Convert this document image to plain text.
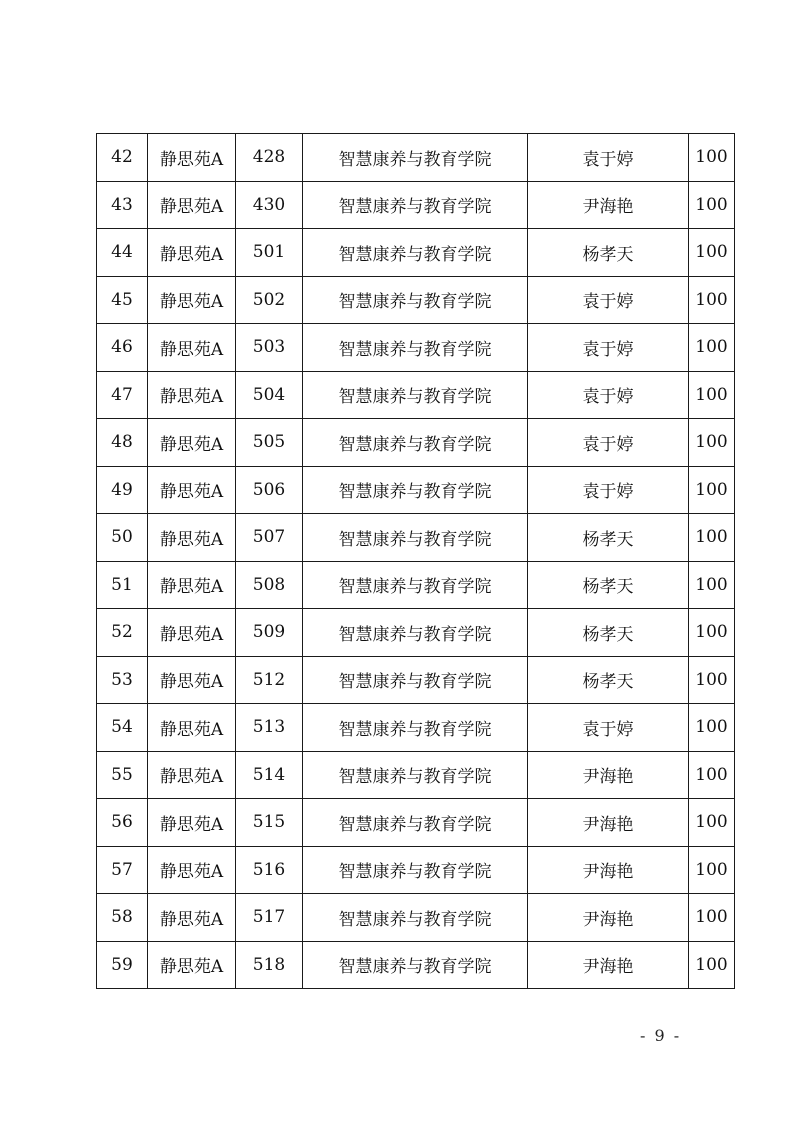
42	静思苑A	428	智慧康养与教育学院	袁于婷	100
43	静思苑A	430	智慧康养与教育学院	尹海艳	100
44	静思苑A	501	智慧康养与教育学院	杨孝天	100
45	静思苑A	502	智慧康养与教育学院	袁于婷	100
46	静思苑A	503	智慧康养与教育学院	袁于婷	100
47	静思苑A	504	智慧康养与教育学院	袁于婷	100
48	静思苑A	505	智慧康养与教育学院	袁于婷	100
49	静思苑A	506	智慧康养与教育学院	袁于婷	100
50	静思苑A	507	智慧康养与教育学院	杨孝天	100
51	静思苑A	508	智慧康养与教育学院	杨孝天	100
52	静思苑A	509	智慧康养与教育学院	杨孝天	100
53	静思苑A	512	智慧康养与教育学院	杨孝天	100
54	静思苑A	513	智慧康养与教育学院	袁于婷	100
55	静思苑A	514	智慧康养与教育学院	尹海艳	100
56	静思苑A	515	智慧康养与教育学院	尹海艳	100
57	静思苑A	516	智慧康养与教育学院	尹海艳	100
58	静思苑A	517	智慧康养与教育学院	尹海艳	100
59	静思苑A	518	智慧康养与教育学院	尹海艳	100
- 9 -
